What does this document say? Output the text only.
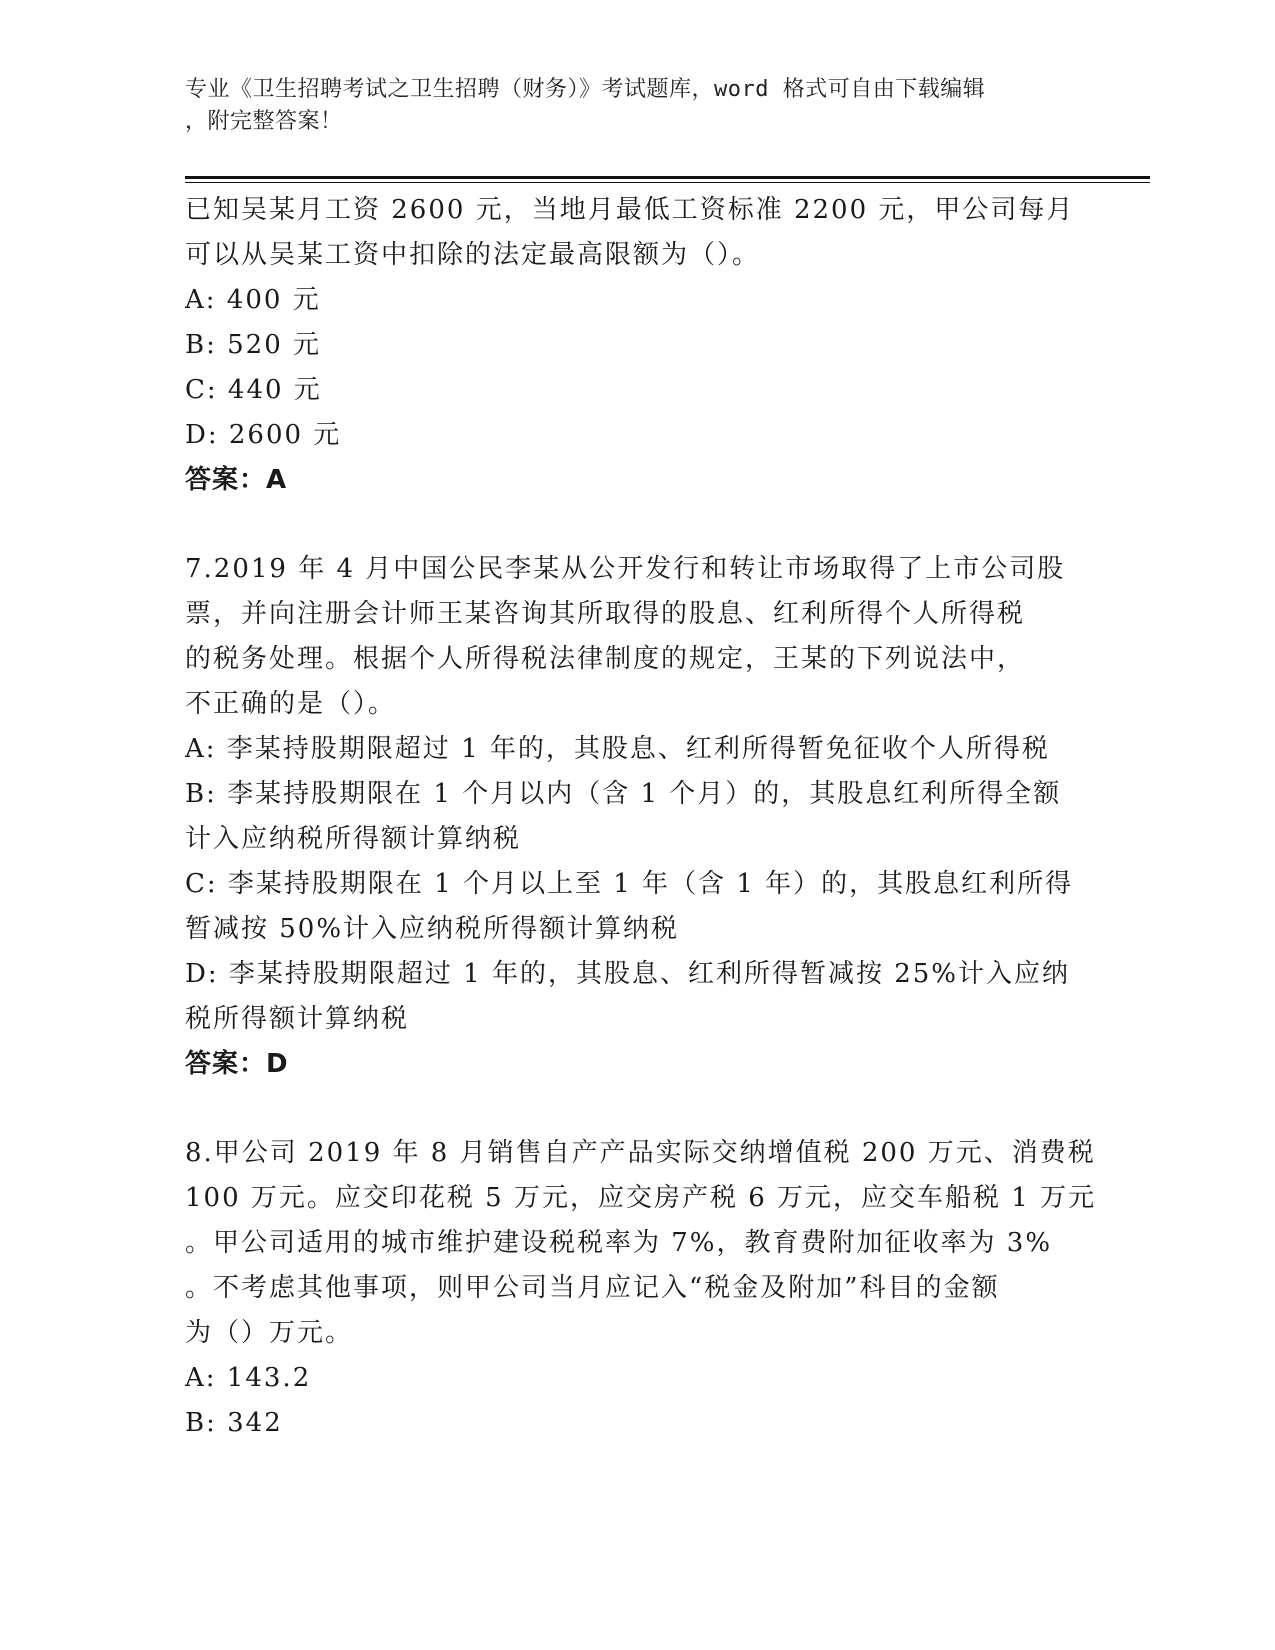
专业《卫生招聘考试之卫生招聘（财务）》考试题库，word 格式可自由下载编辑
，附完整答案！
已知吴某月工资 2600 元，当地月最低工资标准 2200 元，甲公司每月
可以从吴某工资中扣除的法定最高限额为（）。
A: 400 元
B: 520 元
C: 440 元
D: 2600 元
答案：A
7.2019 年 4 月中国公民李某从公开发行和转让市场取得了上市公司股
票，并向注册会计师王某咨询其所取得的股息、红利所得个人所得税
的税务处理。根据个人所得税法律制度的规定，王某的下列说法中，
不正确的是（）。
A: 李某持股期限超过 1 年的，其股息、红利所得暂免征收个人所得税
B: 李某持股期限在 1 个月以内（含 1 个月）的，其股息红利所得全额
计入应纳税所得额计算纳税
C: 李某持股期限在 1 个月以上至 1 年（含 1 年）的，其股息红利所得
暂减按 50%计入应纳税所得额计算纳税
D: 李某持股期限超过 1 年的，其股息、红利所得暂减按 25%计入应纳
税所得额计算纳税
答案：D
8.甲公司 2019 年 8 月销售自产产品实际交纳增值税 200 万元、消费税
100 万元。应交印花税 5 万元，应交房产税 6 万元，应交车船税 1 万元
。甲公司适用的城市维护建设税税率为 7%，教育费附加征收率为 3%
。不考虑其他事项，则甲公司当月应记入“税金及附加”科目的金额
为（）万元。
A: 143.2
B: 342
